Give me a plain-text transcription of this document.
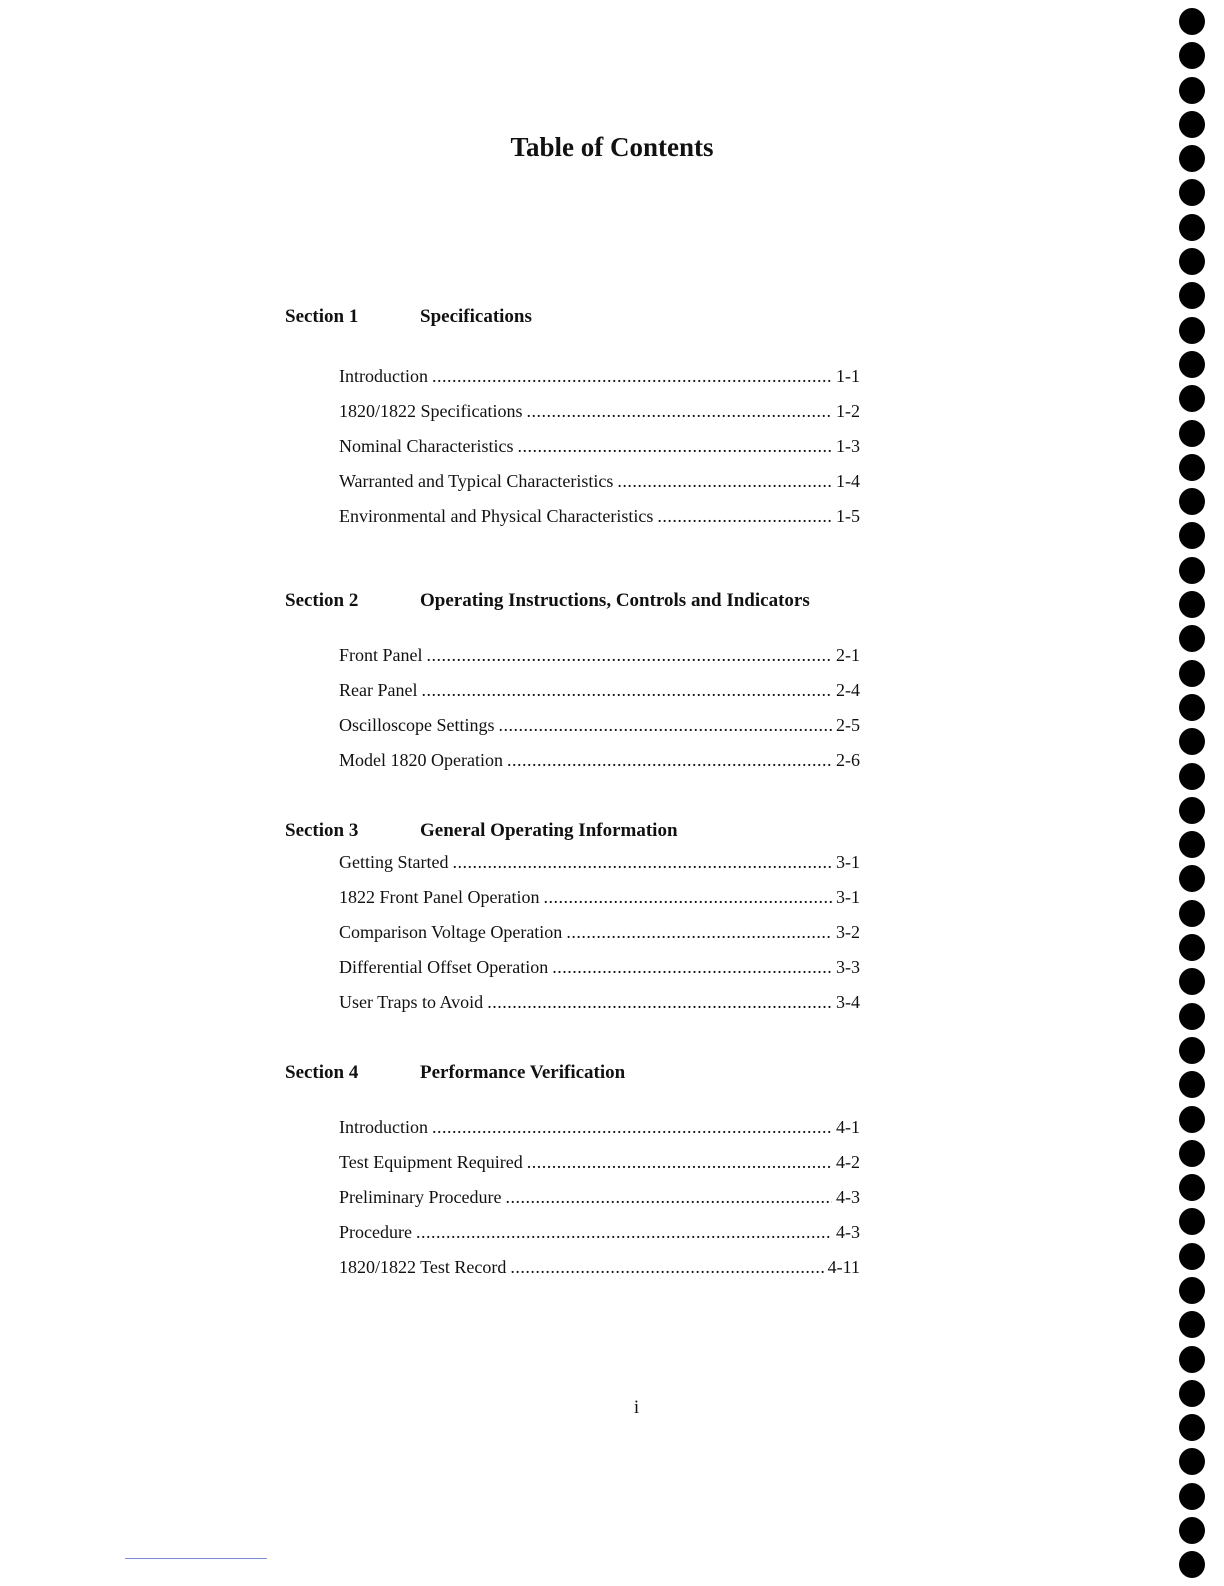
Table of Contents
Section 1	Specifications
Introduction .....	1-1
1820/1822 Specifications .....	1-2
Nominal Characteristics .....	1-3
Warranted and Typical Characteristics .....	1-4
Environmental and Physical Characteristics .....	1-5
Section 2	Operating Instructions, Controls and Indicators
Front Panel .....	2-1
Rear Panel .....	2-4
Oscilloscope Settings .....	2-5
Model 1820 Operation .....	2-6
Section 3	General Operating Information
Getting Started .....	3-1
1822 Front Panel Operation .....	3-1
Comparison Voltage Operation .....	3-2
Differential Offset Operation .....	3-3
User Traps to Avoid .....	3-4
Section 4	Performance Verification
Introduction .....	4-1
Test Equipment Required .....	4-2
Preliminary Procedure .....	4-3
Procedure .....	4-3
1820/1822 Test Record .....	4-11
i
